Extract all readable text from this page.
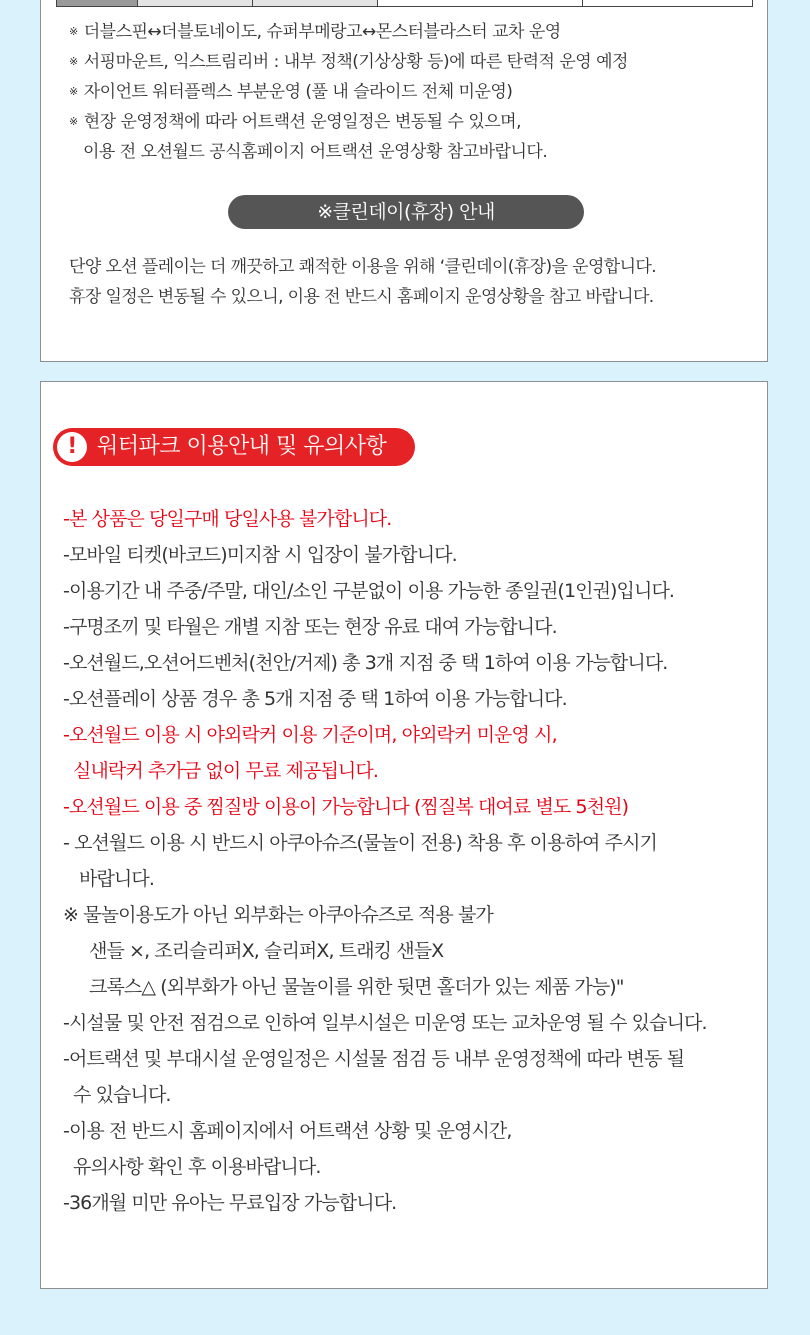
※ 더블스핀↔더블토네이도, 슈퍼부메랑고↔몬스터블라스터 교차 운영
※ 서핑마운트, 익스트림리버 : 내부 정책(기상상황 등)에 따른 탄력적 운영 예정
※ 자이언트 워터플렉스 부분운영 (풀 내 슬라이드 전체 미운영)
※ 현장 운영정책에 따라 어트랙션 운영일정은 변동될 수 있으며,
이용 전 오션월드 공식홈페이지 어트랙션 운영상황 참고바랍니다.
※클린데이(휴장) 안내
단양 오션 플레이는 더 깨끗하고 쾌적한 이용을 위해 ‘클린데이(휴장)을 운영합니다.
휴장 일정은 변동될 수 있으니, 이용 전 반드시 홈페이지 운영상황을 참고 바랍니다.
! 워터파크 이용안내 및 유의사항
-본 상품은 당일구매 당일사용 불가합니다.
-모바일 티켓(바코드)미지참 시 입장이 불가합니다.
-이용기간 내 주중/주말, 대인/소인 구분없이 이용 가능한 종일권(1인권)입니다.
-구명조끼 및 타월은 개별 지참 또는 현장 유료 대여 가능합니다.
-오션월드,오션어드벤처(천안/거제) 총 3개 지점 중 택 1하여 이용 가능합니다.
-오션플레이 상품 경우 총 5개 지점 중 택 1하여 이용 가능합니다.
-오션월드 이용 시 야외락커 이용 기준이며, 야외락커 미운영 시,
실내락커 추가금 없이 무료 제공됩니다.
-오션월드 이용 중 찜질방 이용이 가능합니다 (찜질복 대여료 별도 5천원)
- 오션월드 이용 시 반드시 아쿠아슈즈(물놀이 전용) 착용 후 이용하여 주시기
바랍니다.
※ 물놀이용도가 아닌 외부화는 아쿠아슈즈로 적용 불가
샌들 ×, 조리슬리퍼X, 슬리퍼X, 트래킹 샌들X
크록스△ (외부화가 아닌 물놀이를 위한 뒷면 홀더가 있는 제품 가능)"
-시설물 및 안전 점검으로 인하여 일부시설은 미운영 또는 교차운영 될 수 있습니다.
-어트랙션 및 부대시설 운영일정은 시설물 점검 등 내부 운영정책에 따라 변동 될
수 있습니다.
-이용 전 반드시 홈페이지에서 어트랙션 상황 및 운영시간,
유의사항 확인 후 이용바랍니다.
-36개월 미만 유아는 무료입장 가능합니다.
